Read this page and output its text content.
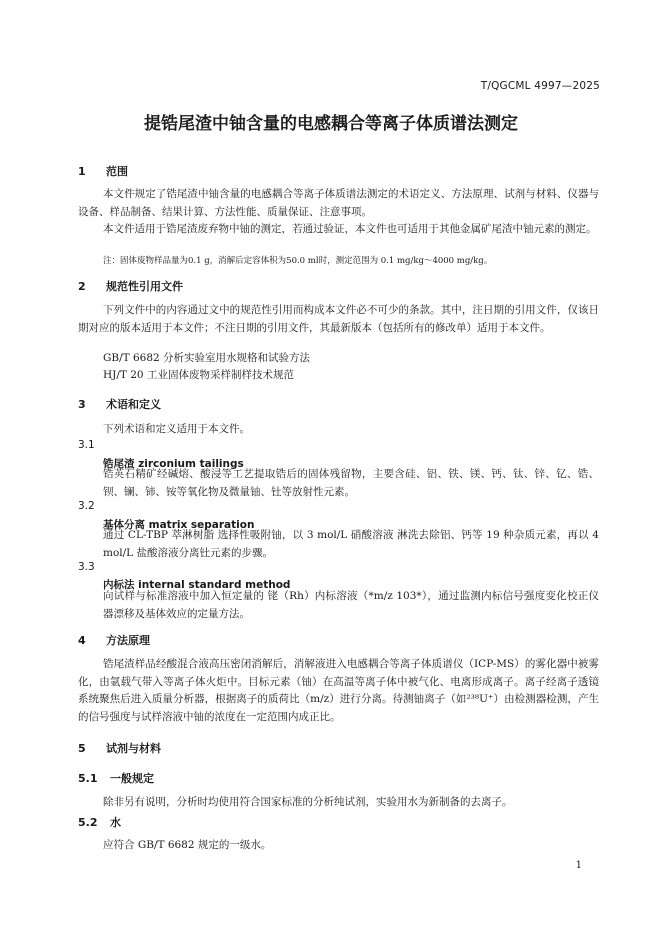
T/QGCML 4997—2025
提锆尾渣中铀含量的电感耦合等离子体质谱法测定
1 范围

本文件规定了锆尾渣中铀含量的电感耦合等离子体质谱法测定的术语定义、方法原理、试剂与材料、仪器与设备、样品制备、结果计算、方法性能、质量保证、注意事项。

本文件适用于锆尾渣废弃物中铀的测定，若通过验证，本文件也可适用于其他金属矿尾渣中铀元素的测定。

注：固体废物样品量为0.1 g，消解后定容体积为50.0 ml时，测定范围为 0.1 mg/kg～4000 mg/kg。
2 规范性引用文件

下列文件中的内容通过文中的规范性引用而构成本文件必不可少的条款。其中，注日期的引用文件，仅该日期对应的版本适用于本文件；不注日期的引用文件，其最新版本（包括所有的修改单）适用于本文件。

GB/T 6682 分析实验室用水规格和试验方法
HJ/T 20 工业固体废物采样制样技术规范
3 术语和定义
下列术语和定义适用于本文件。
3.1
锆尾渣 zirconium tailings

锆英石精矿经碱熔、酸浸等工艺提取锆后的固体残留物，主要含硅、铝、铁、镁、钙、钛、锌、钇、锆、钡、镧、铈、铵等氧化物及微量铀、钍等放射性元素。

3.2
基体分离 matrix separation

通过 CL-TBP 萃淋树脂 选择性吸附铀，以 3 mol/L 硝酸溶液 淋洗去除铝、钙等 19 种杂质元素，再以 4 mol/L 盐酸溶液分离钍元素的步骤。

3.3
内标法 internal standard method

向试样与标准溶液中加入恒定量的 铑（Rh）内标溶液（*m/z 103*），通过监测内标信号强度变化校正仪器漂移及基体效应的定量方法。

4 方法原理

锆尾渣样品经酸混合液高压密闭消解后，消解液进入电感耦合等离子体质谱仪（ICP-MS）的雾化器中被雾化，由氩载气带入等离子体火炬中。目标元素（铀）在高温等离子体中被气化、电离形成离子。离子经离子透镜系统聚焦后进入质量分析器，根据离子的质荷比（m/z）进行分离。待测铀离子（如²³⁸U⁺）由检测器检测，产生的信号强度与试样溶液中铀的浓度在一定范围内成正比。

5 试剂与材料
5.1 一般规定
除非另有说明，分析时均使用符合国家标准的分析纯试剂，实验用水为新制备的去离子。
5.2 水
应符合 GB/T 6682 规定的一级水。
1
